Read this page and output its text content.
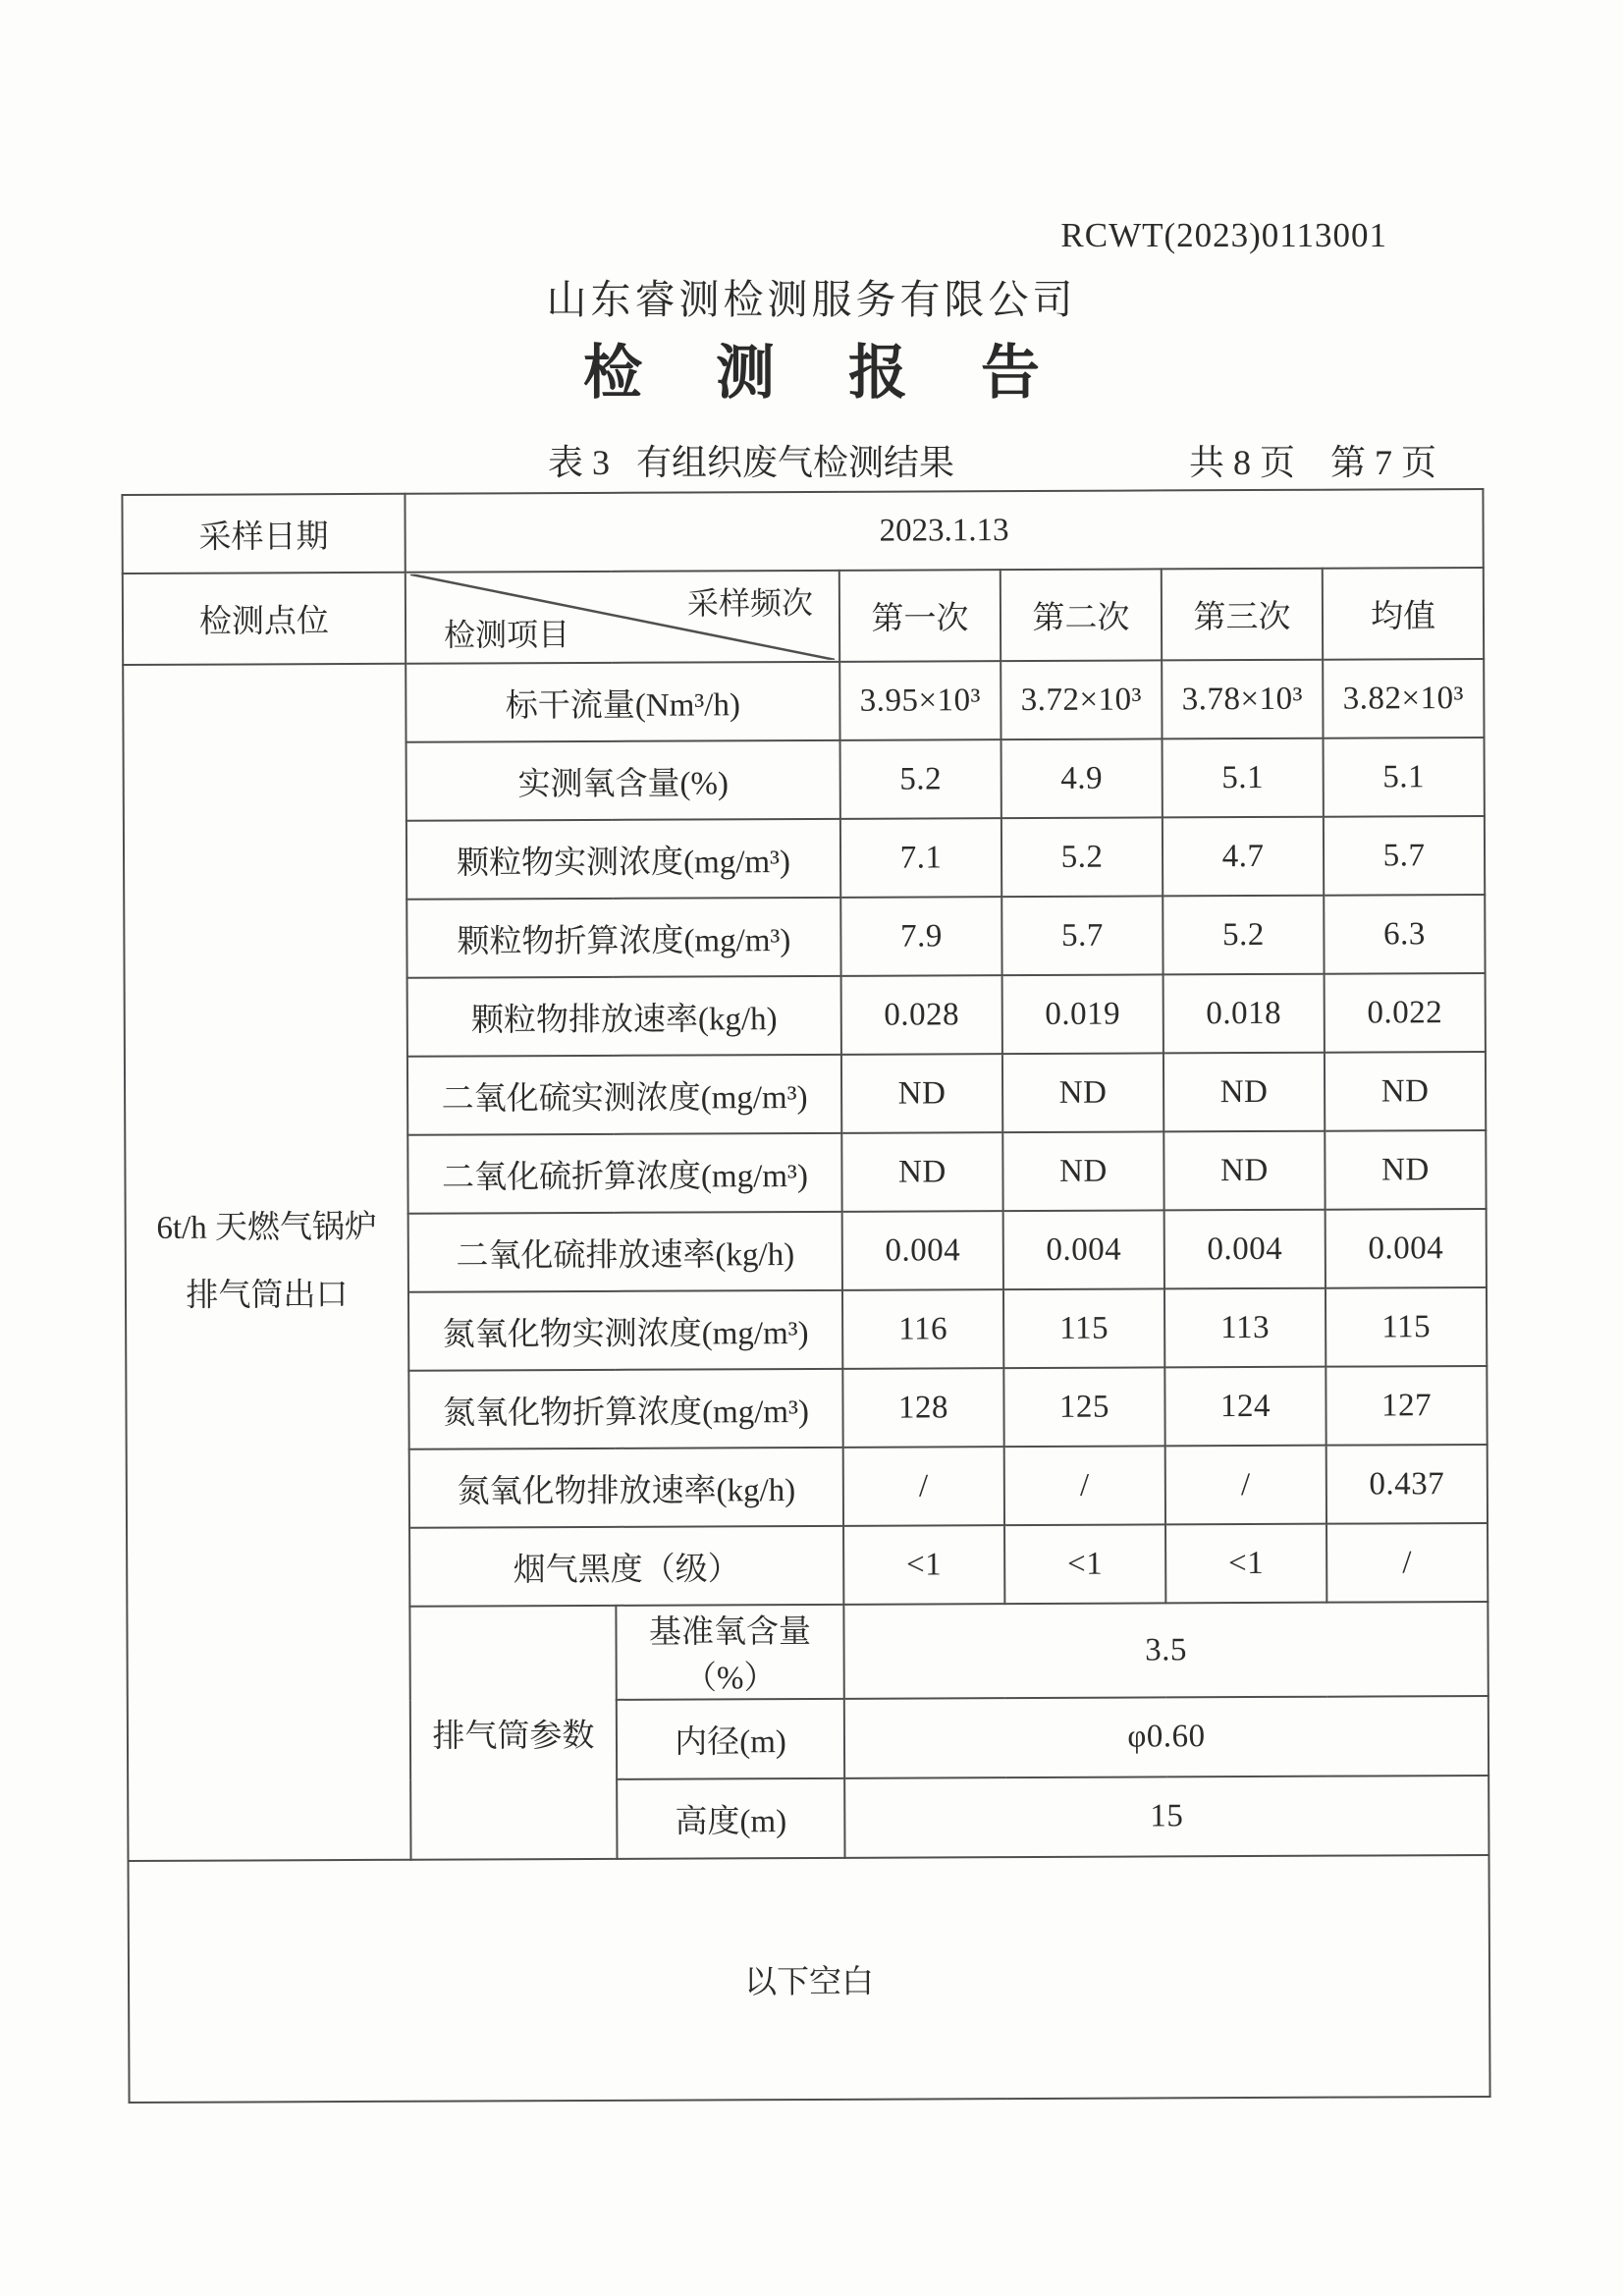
RCWT(2023)0113001
山东睿测检测服务有限公司
检 测 报 告
表 3   有组织废气检测结果	共 8 页    第 7 页
采样日期	2023.1.13					
检测点位	采样频次
检测项目		第一次	第二次	第三次	均值

6t/h 天燃气锅炉
排气筒出口	标干流量(Nm³/h)		3.95×10³	3.72×10³	3.78×10³	3.82×10³
	实测氧含量(%)		5.2	4.9	5.1	5.1
	颗粒物实测浓度(mg/m³)		7.1	5.2	4.7	5.7
	颗粒物折算浓度(mg/m³)		7.9	5.7	5.2	6.3
	颗粒物排放速率(kg/h)		0.028	0.019	0.018	0.022
	二氧化硫实测浓度(mg/m³)		ND	ND	ND	ND
	二氧化硫折算浓度(mg/m³)		ND	ND	ND	ND
	二氧化硫排放速率(kg/h)		0.004	0.004	0.004	0.004
	氮氧化物实测浓度(mg/m³)		116	115	113	115
	氮氧化物折算浓度(mg/m³)		128	125	124	127
	氮氧化物排放速率(kg/h)		/	/	/	0.437
	烟气黑度（级）		<1	<1	<1	/
	排气筒参数	基准氧含量（%）	3.5			
		内径(m)	φ0.60			
		高度(m)	15			
以下空白						
